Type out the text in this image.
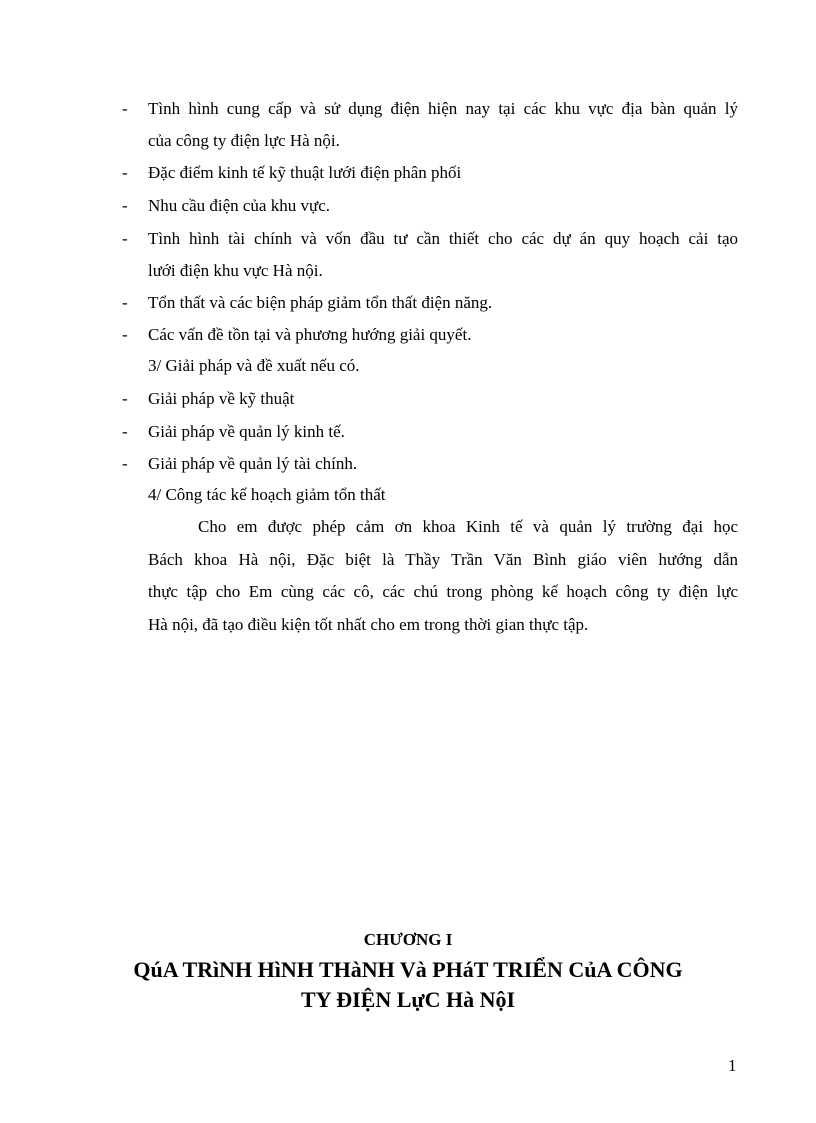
- Tình hình cung cấp và sử dụng điện hiện nay tại các khu vực địa bàn quản lý
của công ty điện lực Hà nội.
- Đặc điểm kinh tế kỹ thuật lưới điện phân phối
- Nhu cầu điện của khu vực.
- Tình hình tài chính và vốn đầu tư cần thiết cho các dự án quy hoạch cải tạo
lưới điện khu vực Hà nội.
- Tổn thất và các biện pháp giảm tổn thất điện năng.
- Các vấn đề tồn tại và phương hướng giải quyết.
3/ Giải pháp và đề xuất nếu có.
- Giải pháp về kỹ thuật
- Giải pháp về quản lý kinh tế.
- Giải pháp về quản lý tài chính.
4/ Công tác kế hoạch giảm tổn thất
Cho em được phép cảm ơn khoa Kinh tế và quản lý trường đại học
Bách khoa Hà nội, Đặc biệt là Thầy Trần Văn Bình giáo viên hướng dẫn
thực tập cho Em cùng các cô, các chú trong phòng kế hoạch công ty điện lực
Hà nội, đã tạo điều kiện tốt nhất cho em trong thời gian thực tập.
CHƯƠNG I
QúA TRìNH HìNH THàNH Và PHáT TRIỂN CủA CÔNG
TY ĐIỆN LựC Hà NộI
1
